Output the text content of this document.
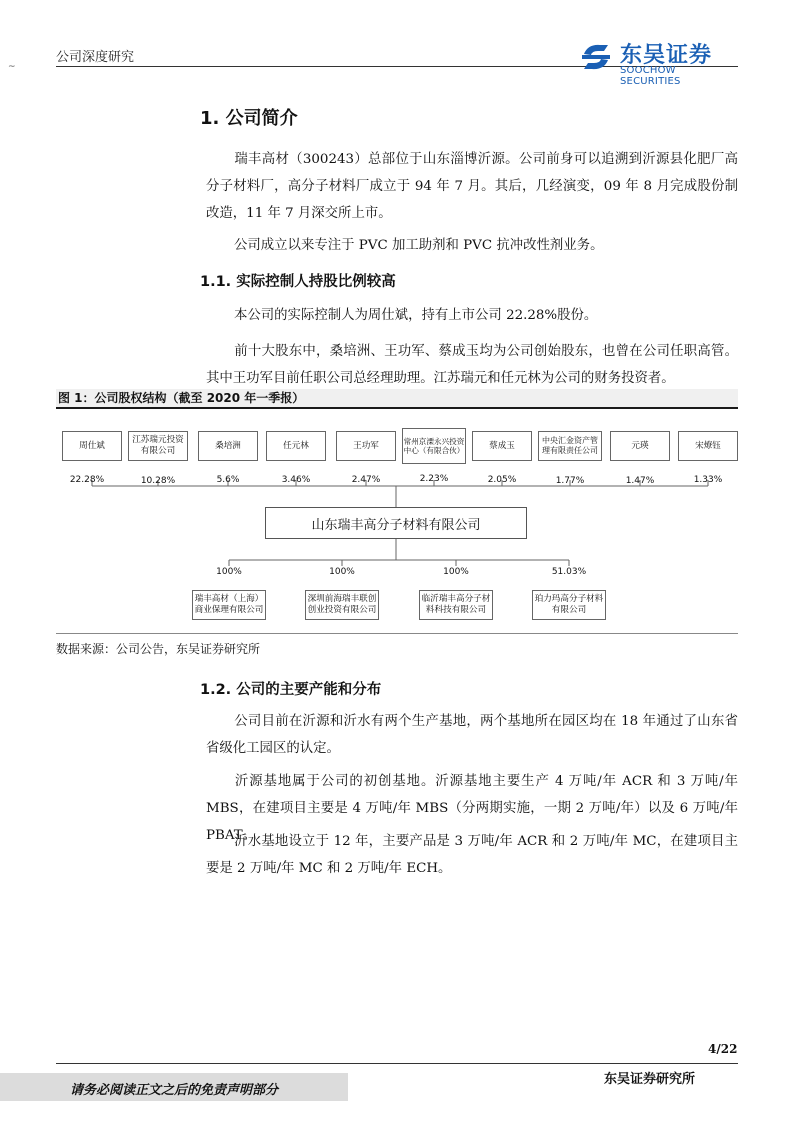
公司深度研究
~	东吴证券
SOOCHOW SECURITIES
1. 公司简介
瑞丰高材（300243）总部位于山东淄博沂源。公司前身可以追溯到沂源县化肥厂高分子材料厂，高分子材料厂成立于 94 年 7 月。其后，几经演变，09 年 8 月完成股份制改造，11 年 7 月深交所上市。
公司成立以来专注于 PVC 加工助剂和 PVC 抗冲改性剂业务。
1.1. 实际控制人持股比例较高
本公司的实际控制人为周仕斌，持有上市公司 22.28%股份。
前十大股东中，桑培洲、王功军、蔡成玉均为公司创始股东，也曾在公司任职高管。其中王功军目前任职公司总经理助理。江苏瑞元和任元林为公司的财务投资者。
图 1：公司股权结构（截至 2020 年一季报）
周仕斌
江苏瑞元投资有限公司
桑培洲	任元林	王功军	常州京溧永兴投资中心（有限合伙）	蔡成玉	中央汇金资产管理有限责任公司	元瑛	宋燎钰
22.28%	10.28%	5.6%	3.46%	2.47%	2.23%	2.05%	1.77%	1.47%	1.33%
山东瑞丰高分子材料有限公司
100%	100%	100%	51.03%
瑞丰高材（上海）商业保理有限公司
深圳前海瑞丰联创创业投资有限公司
临沂瑞丰高分子材料科技有限公司
珀力玛高分子材料有限公司
数据来源：公司公告，东吴证券研究所
1.2. 公司的主要产能和分布
公司目前在沂源和沂水有两个生产基地，两个基地所在园区均在 18 年通过了山东省省级化工园区的认定。
沂源基地属于公司的初创基地。沂源基地主要生产 4 万吨/年 ACR 和 3 万吨/年 MBS，在建项目主要是 4 万吨/年 MBS（分两期实施，一期 2 万吨/年）以及 6 万吨/年 PBAT。
沂水基地设立于 12 年，主要产品是 3 万吨/年 ACR 和 2 万吨/年 MC，在建项目主要是 2 万吨/年 MC 和 2 万吨/年 ECH。
4/22
请务必阅读正文之后的免责声明部分
东吴证券研究所
